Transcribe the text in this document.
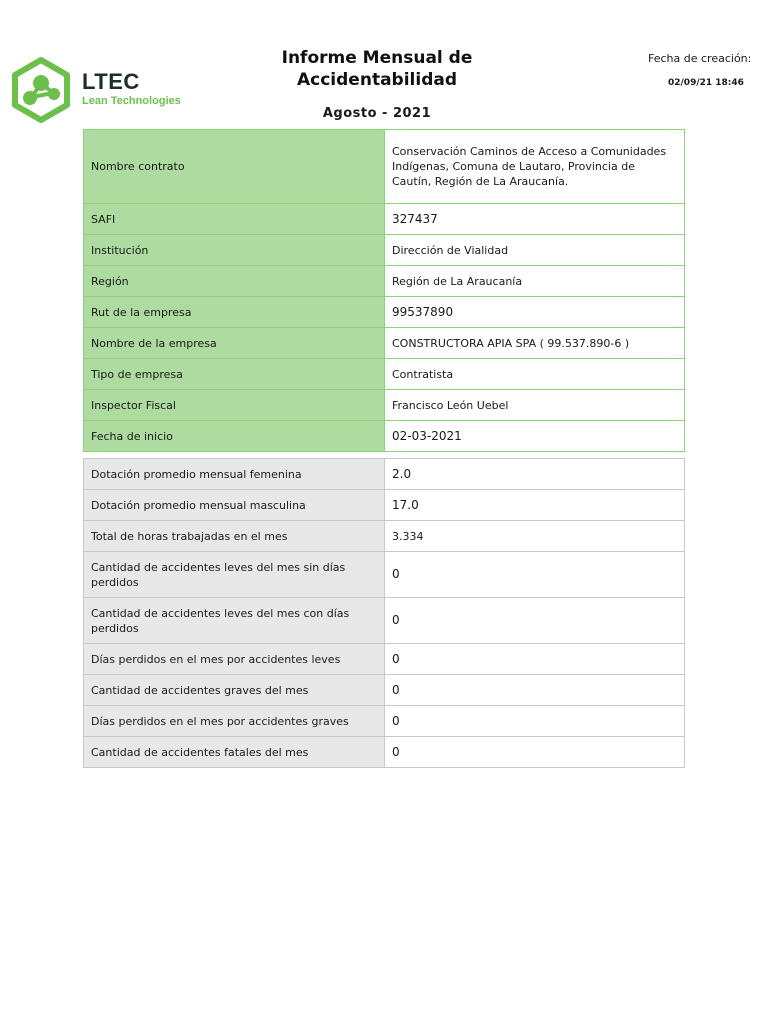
LTEC
Lean Technologies
Informe Mensual de Accidentabilidad
Agosto - 2021
Fecha de creación:
02/09/21 18:46
Nombre contrato	Conservación Caminos de Acceso a Comunidades Indígenas, Comuna de Lautaro, Provincia de Cautín, Región de La Araucanía.
SAFI	327437
Institución	Dirección de Vialidad
Región	Región de La Araucanía
Rut de la empresa	99537890
Nombre de la empresa	CONSTRUCTORA APIA SPA ( 99.537.890-6 )
Tipo de empresa	Contratista
Inspector Fiscal	Francisco León Uebel
Fecha de inicio	02-03-2021
Dotación promedio mensual femenina	2.0
Dotación promedio mensual masculina	17.0
Total de horas trabajadas en el mes	3.334
Cantidad de accidentes leves del mes sin días perdidos	0
Cantidad de accidentes leves del mes con días perdidos	0
Días perdidos en el mes por accidentes leves	0
Cantidad de accidentes graves del mes	0
Días perdidos en el mes por accidentes graves	0
Cantidad de accidentes fatales del mes	0
